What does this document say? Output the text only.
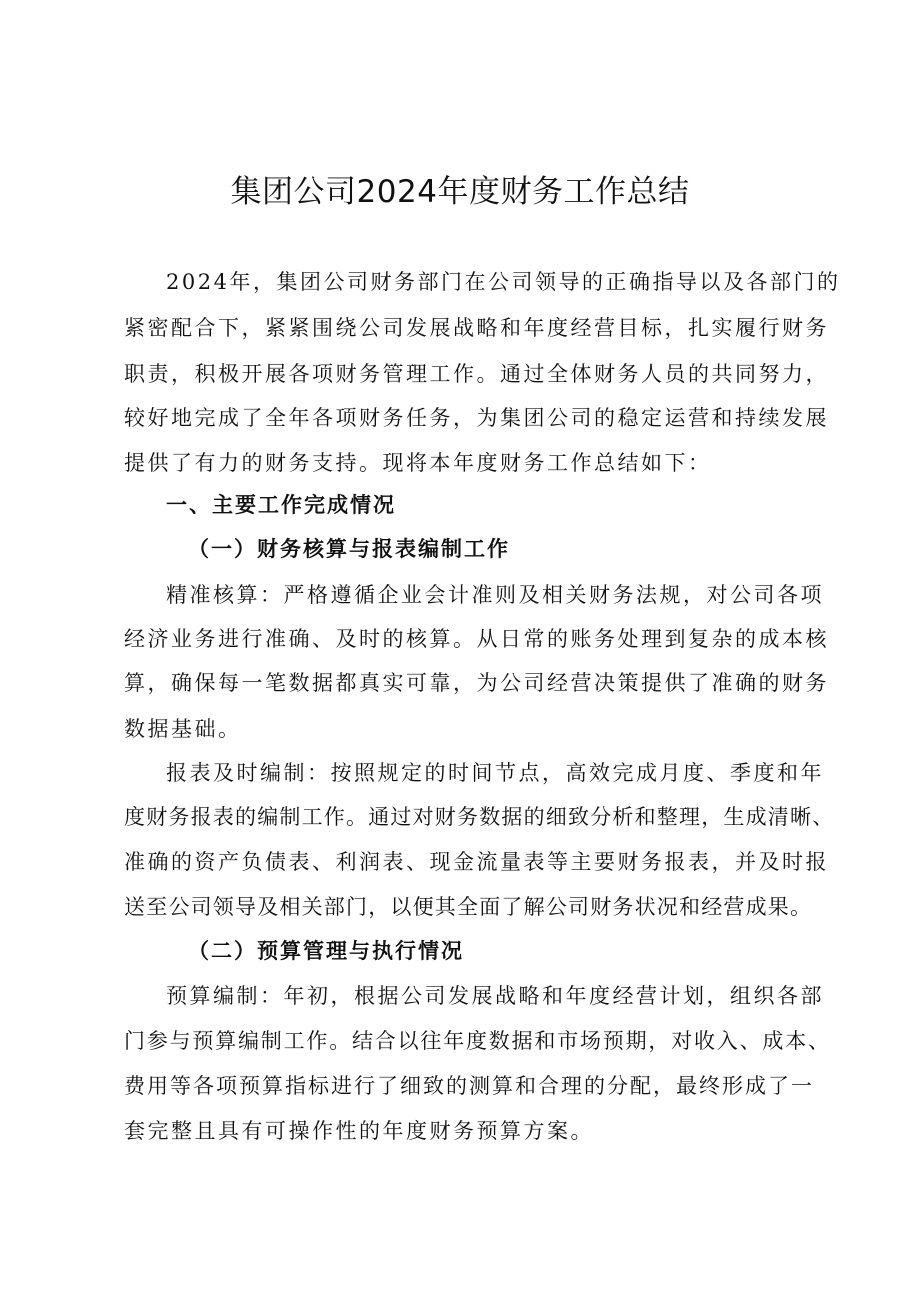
集团公司2024年度财务工作总结

2024年，集团公司财务部门在公司领导的正确指导以及各部门的

紧密配合下，紧紧围绕公司发展战略和年度经营目标，扎实履行财务

职责，积极开展各项财务管理工作。通过全体财务人员的共同努力，

较好地完成了全年各项财务任务，为集团公司的稳定运营和持续发展

提供了有力的财务支持。现将本年度财务工作总结如下：

一、主要工作完成情况
（一）财务核算与报表编制工作

精准核算：严格遵循企业会计准则及相关财务法规，对公司各项

经济业务进行准确、及时的核算。从日常的账务处理到复杂的成本核

算，确保每一笔数据都真实可靠，为公司经营决策提供了准确的财务

数据基础。

报表及时编制：按照规定的时间节点，高效完成月度、季度和年

度财务报表的编制工作。通过对财务数据的细致分析和整理，生成清晰、

准确的资产负债表、利润表、现金流量表等主要财务报表，并及时报

送至公司领导及相关部门，以便其全面了解公司财务状况和经营成果。

（二）预算管理与执行情况

预算编制：年初，根据公司发展战略和年度经营计划，组织各部

门参与预算编制工作。结合以往年度数据和市场预期，对收入、成本、

费用等各项预算指标进行了细致的测算和合理的分配，最终形成了一

套完整且具有可操作性的年度财务预算方案。
